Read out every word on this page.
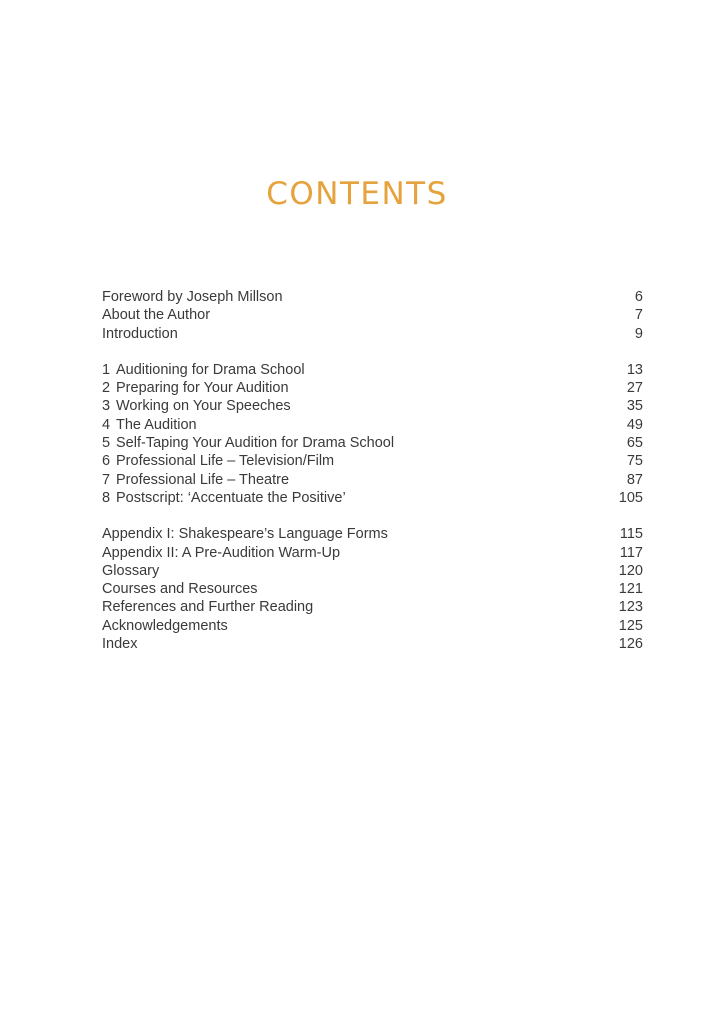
CONTENTS
Foreword by Joseph Millson	6
About the Author	7
Introduction	9
1 Auditioning for Drama School	13
2 Preparing for Your Audition	27
3 Working on Your Speeches	35
4 The Audition	49
5 Self-Taping Your Audition for Drama School	65
6 Professional Life – Television/Film	75
7 Professional Life – Theatre	87
8 Postscript: ‘Accentuate the Positive’	105
Appendix I: Shakespeare’s Language Forms	115
Appendix II: A Pre-Audition Warm-Up	117
Glossary	120
Courses and Resources	121
References and Further Reading	123
Acknowledgements	125
Index	126
